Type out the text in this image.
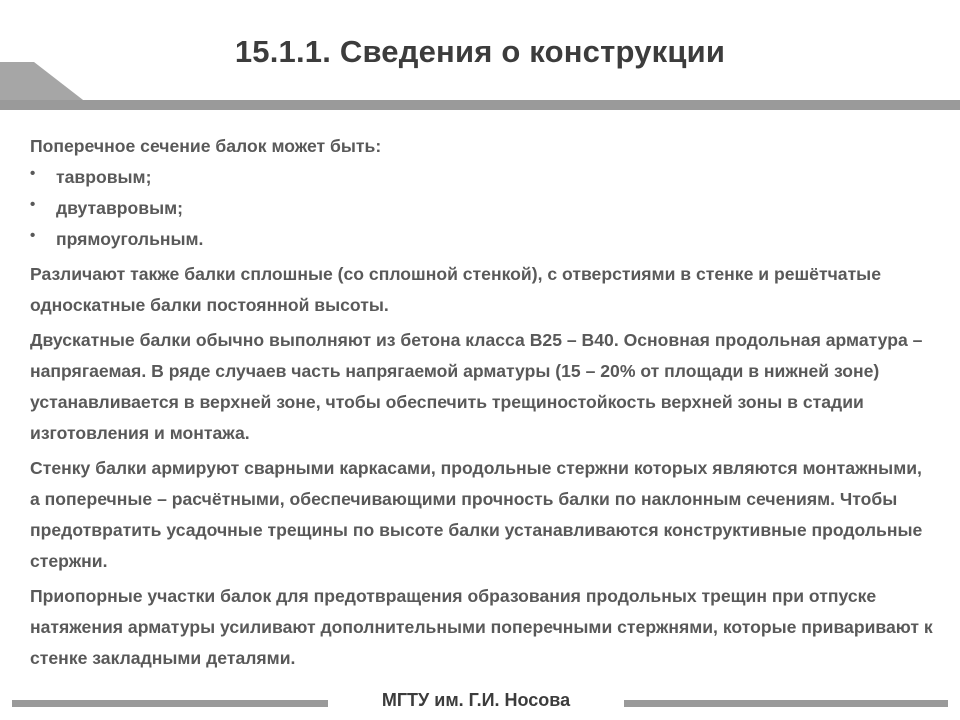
15.1.1. Сведения о конструкции

Поперечное сечение балок может быть:

• тавровым;
• двутавровым;
• прямоугольным.

Различают также балки сплошные (со сплошной стенкой), с отверстиями в стенке и решётчатые односкатные балки постоянной высоты.

Двускатные балки обычно выполняют из бетона класса В25 – В40. Основная продольная арматура – напрягаемая. В ряде случаев часть напрягаемой арматуры (15 – 20% от площади в нижней зоне) устанавливается в верхней зоне, чтобы обеспечить трещиностойкость верхней зоны в стадии изготовления и монтажа.

Стенку балки армируют сварными каркасами, продольные стержни которых являются монтажными, а поперечные – расчётными, обеспечивающими прочность балки по наклонным сечениям. Чтобы предотвратить усадочные трещины по высоте балки устанавливаются конструктивные продольные стержни.

Приопорные участки балок для предотвращения образования продольных трещин при отпуске натяжения арматуры усиливают дополнительными поперечными стержнями, которые приваривают к стенке закладными деталями.

МГТУ им. Г.И. Носова
